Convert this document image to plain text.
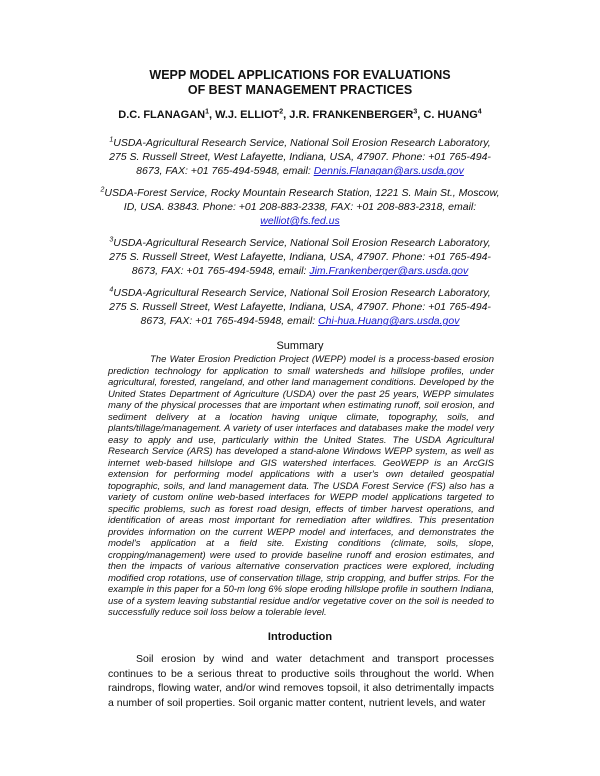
WEPP MODEL APPLICATIONS FOR EVALUATIONS
OF BEST MANAGEMENT PRACTICES
D.C. FLANAGAN$^1$, W.J. ELLIOT$^2$, J.R. FRANKENBERGER$^3$, C. HUANG$^4$
$^1$USDA-Agricultural Research Service, National Soil Erosion Research Laboratory, 275 S. Russell Street, West Lafayette, Indiana, USA, 47907. Phone: +01 765-494-8673, FAX: +01 765-494-5948, email: Dennis.Flanagan@ars.usda.gov
$^2$USDA-Forest Service, Rocky Mountain Research Station, 1221 S. Main St., Moscow, ID, USA. 83843. Phone: +01 208-883-2338, FAX: +01 208-883-2318, email: welliot@fs.fed.us
$^3$USDA-Agricultural Research Service, National Soil Erosion Research Laboratory, 275 S. Russell Street, West Lafayette, Indiana, USA, 47907. Phone: +01 765-494-8673, FAX: +01 765-494-5948, email: Jim.Frankenberger@ars.usda.gov
$^4$USDA-Agricultural Research Service, National Soil Erosion Research Laboratory, 275 S. Russell Street, West Lafayette, Indiana, USA, 47907. Phone: +01 765-494-8673, FAX: +01 765-494-5948, email: Chi-hua.Huang@ars.usda.gov
Summary
The Water Erosion Prediction Project (WEPP) model is a process-based erosion prediction technology for application to small watersheds and hillslope profiles, under agricultural, forested, rangeland, and other land management conditions. Developed by the United States Department of Agriculture (USDA) over the past 25 years, WEPP simulates many of the physical processes that are important when estimating runoff, soil erosion, and sediment delivery at a location having unique climate, topography, soils, and plants/tillage/management. A variety of user interfaces and databases make the model very easy to apply and use, particularly within the United States. The USDA Agricultural Research Service (ARS) has developed a stand-alone Windows WEPP system, as well as internet web-based hillslope and GIS watershed interfaces. GeoWEPP is an ArcGIS extension for performing model applications with a user's own detailed geospatial topographic, soils, and land management data. The USDA Forest Service (FS) also has a variety of custom online web-based interfaces for WEPP model applications targeted to specific problems, such as forest road design, effects of timber harvest operations, and identification of areas most important for remediation after wildfires. This presentation provides information on the current WEPP model and interfaces, and demonstrates the model's application at a field site. Existing conditions (climate, soils, slope, cropping/management) were used to provide baseline runoff and erosion estimates, and then the impacts of various alternative conservation practices were explored, including modified crop rotations, use of conservation tillage, strip cropping, and buffer strips. For the example in this paper for a 50-m long 6% slope eroding hillslope profile in southern Indiana, use of a system leaving substantial residue and/or vegetative cover on the soil is needed to successfully reduce soil loss below a tolerable level.
Introduction
Soil erosion by wind and water detachment and transport processes continues to be a serious threat to productive soils throughout the world. When raindrops, flowing water, and/or wind removes topsoil, it also detrimentally impacts a number of soil properties. Soil organic matter content, nutrient levels, and water
